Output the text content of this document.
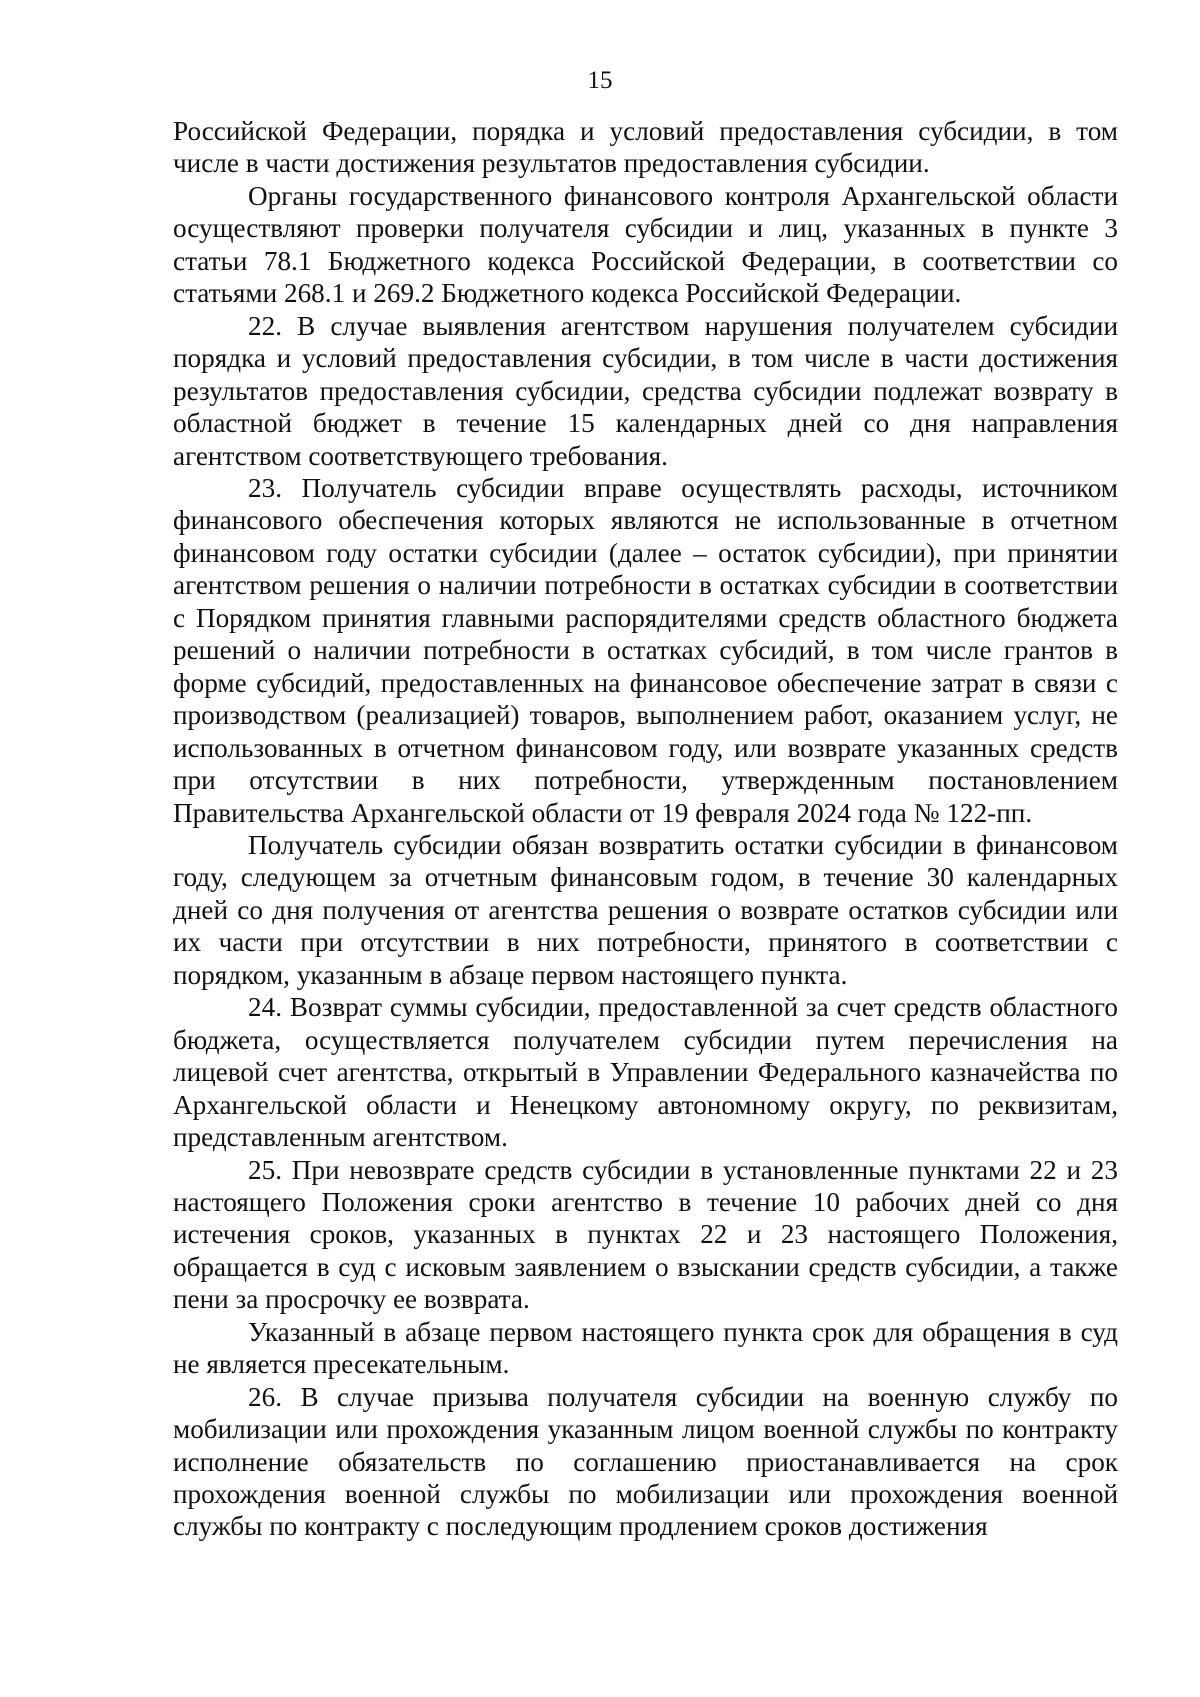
15

Российской Федерации, порядка и условий предоставления субсидии, в том числе в части достижения результатов предоставления субсидии.

Органы государственного финансового контроля Архангельской области осуществляют проверки получателя субсидии и лиц, указанных в пункте 3 статьи 78.1 Бюджетного кодекса Российской Федерации, в соответствии со статьями 268.1 и 269.2 Бюджетного кодекса Российской Федерации.

22. В случае выявления агентством нарушения получателем субсидии порядка и условий предоставления субсидии, в том числе в части достижения результатов предоставления субсидии, средства субсидии подлежат возврату в областной бюджет в течение 15 календарных дней со дня направления агентством соответствующего требования.

23. Получатель субсидии вправе осуществлять расходы, источником финансового обеспечения которых являются не использованные в отчетном финансовом году остатки субсидии (далее – остаток субсидии), при принятии агентством решения о наличии потребности в остатках субсидии в соответствии с Порядком принятия главными распорядителями средств областного бюджета решений о наличии потребности в остатках субсидий, в том числе грантов в форме субсидий, предоставленных на финансовое обеспечение затрат в связи с производством (реализацией) товаров, выполнением работ, оказанием услуг, не использованных в отчетном финансовом году, или возврате указанных средств при отсутствии в них потребности, утвержденным постановлением Правительства Архангельской области от 19 февраля 2024 года № 122-пп.

Получатель субсидии обязан возвратить остатки субсидии в финансовом году, следующем за отчетным финансовым годом, в течение 30 календарных дней со дня получения от агентства решения о возврате остатков субсидии или их части при отсутствии в них потребности, принятого в соответствии с порядком, указанным в абзаце первом настоящего пункта.

24. Возврат суммы субсидии, предоставленной за счет средств областного бюджета, осуществляется получателем субсидии путем перечисления на лицевой счет агентства, открытый в Управлении Федерального казначейства по Архангельской области и Ненецкому автономному округу, по реквизитам, представленным агентством.

25. При невозврате средств субсидии в установленные пунктами 22 и 23 настоящего Положения сроки агентство в течение 10 рабочих дней со дня истечения сроков, указанных в пунктах 22 и 23 настоящего Положения, обращается в суд с исковым заявлением о взыскании средств субсидии, а также пени за просрочку ее возврата.

Указанный в абзаце первом настоящего пункта срок для обращения в суд не является пресекательным.

26. В случае призыва получателя субсидии на военную службу по мобилизации или прохождения указанным лицом военной службы по контракту исполнение обязательств по соглашению приостанавливается на срок прохождения военной службы по мобилизации или прохождения военной службы по контракту с последующим продлением сроков достижения
